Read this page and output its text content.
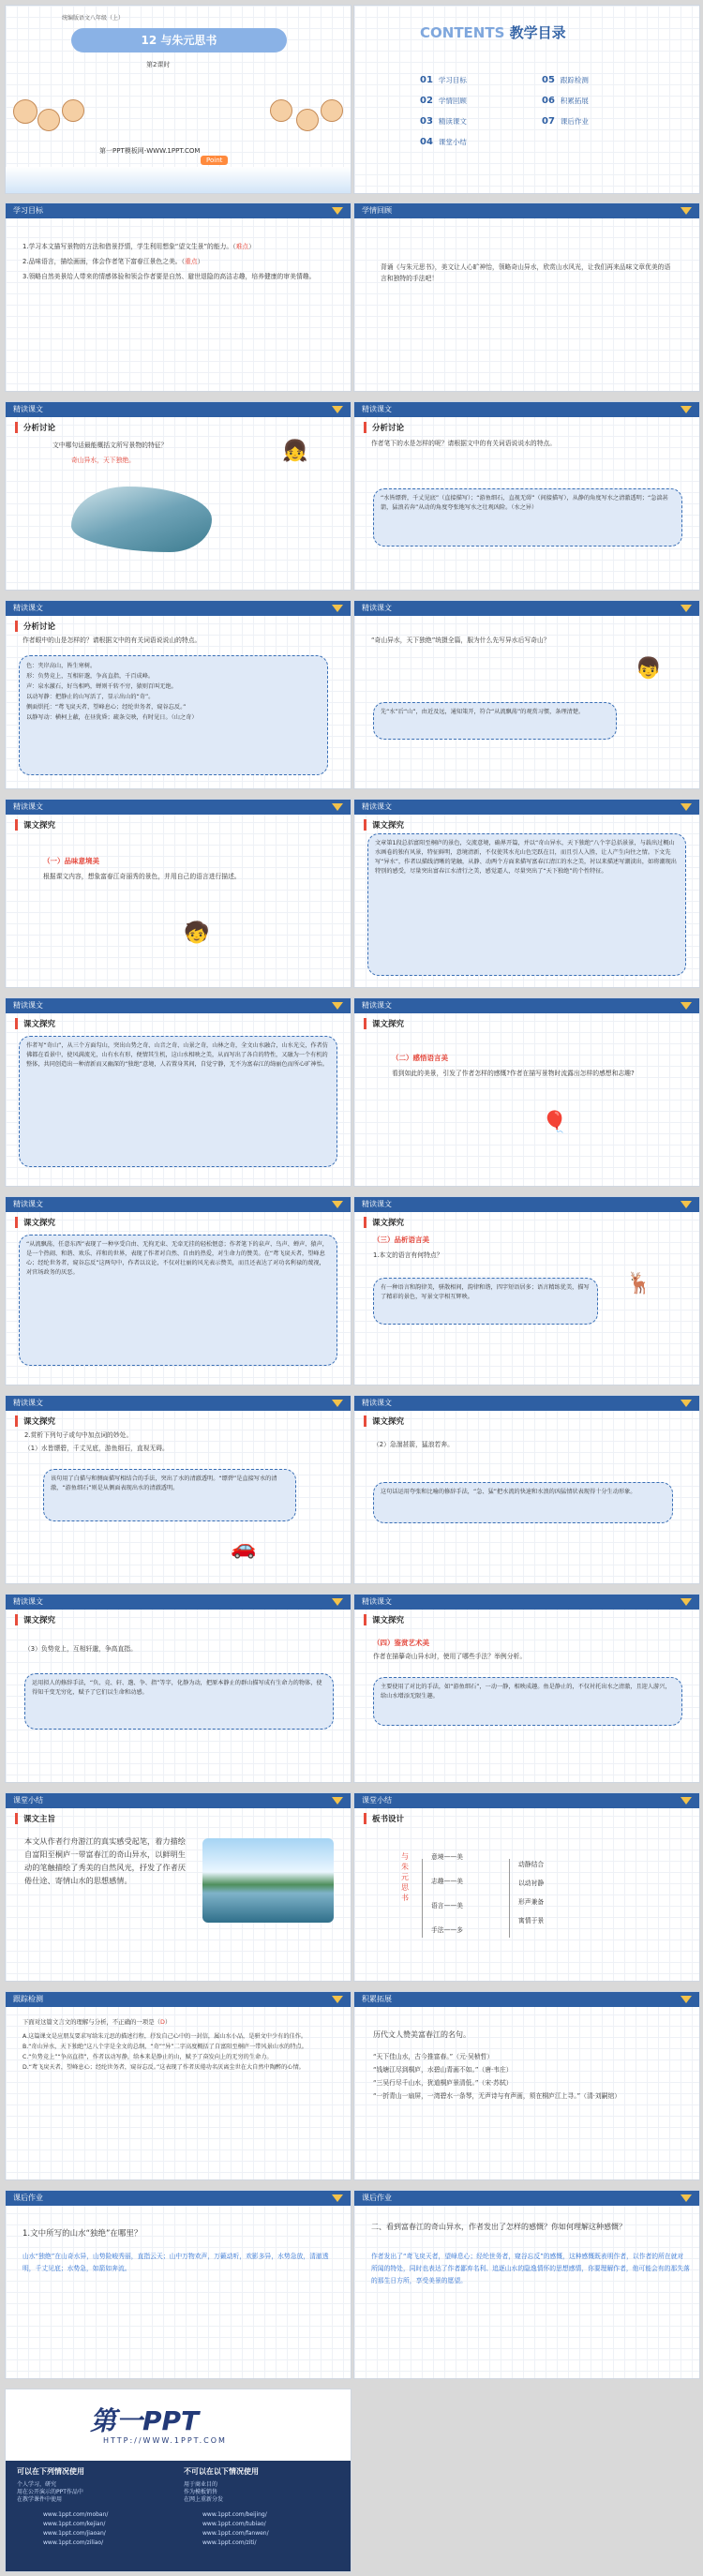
统编版语文八年级（上）
12 与朱元思书
第2课时
第一PPT模板网-WWW.1PPT.COM
Point
CONTENTS 教学目录
01 学习目标
02 学情回顾
03 精读课文
04 课堂小结
05 跟踪检测
06 积累拓展
07 课后作业
学习目标

1.学习本文描写景物的方法和借景抒情，学生利用想象“望文生景”的能力。（难点）

2.品味语言，描绘画面，体会作者笔下富春江景色之美。（重点）

3.领略自然美景给人带来的情感体验和领会作者要是自然、避世退隐的高洁志趣，培养健康的审美情趣。

学情回顾
背诵《与朱元思书》，美文让人心旷神怡，领略奇山异水，欣赏山水风光，让我们再来品味文章优美的语言和独特的手法吧！
精读课文
分析讨论
文中哪句话最能概括文所写景物的特征？
奇山异水，天下独绝。	👧
精读课文
分析讨论
作者笔下的水是怎样的呢？请根据文中的有关词语说说水的特点。
“水皆缥碧，千丈见底”（直接描写）；“游鱼细石，直视无碍”（间接描写），从静的角度写水之清澈透明；“急湍甚箭，猛浪若奔”从动的角度夸张地写水之壮观凶险。（水之异）
精读课文
分析讨论
作者眼中的山是怎样的？请根据文中的有关词语说说山的特点。

色：夹岸高山，皆生寒树。

形：负势竞上，互相轩邈，争高直指，千百成峰。

声：泉水激石，好鸟相鸣，蝉则千转不穷，猿则百叫无绝。

以动写静：把静止的山写活了，显示出山的“奇”。

侧面烘托：“鸢飞戾天者，望峰息心；经纶世务者，窥谷忘反。”

以静写动：横柯上蔽，在昼犹昏；疏条交映，有时见日。（山之奇）

精读课文
“奇山异水，天下独绝”统摄全篇，服为什么先写异水后写奇山？
👦
先“水”后“山”，由近及远，通知策开，符合“从流飘荡”的观赏习惯，条理清楚。
精读课文
课文探究
（一）品味意境美
根据课文内容，想象富春江奇丽秀的景色，并用自己的语言进行描述。
🧒
精读课文
课文探究
文章第1段总括富阳至桐庐的景色，交流意境，确界开篇，并以“奇山异水，天下独绝”八个字总括景景，与载出过概山水画卷的独有风景，特征鲜明，意境清新，不仅使其水光山色完跃在目，而且引人入胜，让人产生向往之情。下文先写“异水”，作者以描线清晰的笔触，从静、动两个方面来描写富春江清江的水之美，衬以来描述写潮淡出，如将潮现出特别的感受，尽量突出富春江水清行之美，感觉逼人，尽量突出了“天下独绝”的个性特征。
精读课文
课文探究
作者写“奇山”，从三个方面勾山，突出山势之奇、山音之奇、山景之奇，山林之奇，全文山水融合，山水光交，作者仿佛都在看景中，使风满流光，山有水有形，便情其生机，这山水相映之美，从而写出了各自的特性，又融为一个有机的整体，共同创造出一种清新而又幽深的“独绝”意境，人若置身其间，自觉宁静，无不为富春江的绮丽色而所心旷神怡。
精读课文
课文探究
（二）感悟语言美
看到如此的美景，引发了作者怎样的感慨?作者在描写景物时流露出怎样的感想和志趣?
🎈
精读课文
课文探究
“从流飘荡，任意东西”表现了一种享受自由、无拘无束、无牵无挂的轻松惬意；作者笔下的泉声、鸟声、蝉声、猿声，是一个热闹、和谐、欢乐、祥和的世界，表现了作者对自然、自由的热爱，对生命力的赞美。在“鸢飞戾天者，望峰息心；经纶世务者，窥谷忘反”这两句中，作者以议论，不仅对壮丽的风光表示赞美，而且还表达了对功名利禄的蔑视，对官场政务的厌恶。
精读课文
课文探究
（三）品析语言美
1.本文的语言有何特点？
有一种语言和韵律美，骈散相间，韵律和谐，四字短语居多；语言精练优美，描写了精彩的景色，写景文字相互辉映。
🦌
精读课文
课文探究
2.赏析下列句子或句中加点词的妙处。
（1）水皆缥碧，千丈见底，游鱼细石，直视无碍。
该句用了白描与和侧面描写相结合的手法，突出了水的清澈透明。“缥碧”是直接写水的清澈，“游鱼细石”则是从侧面表现出水的清澈透明。
🚗
精读课文
课文探究
（2）急湍甚箭，猛浪若奔。
这句话运用夸张和比喻的修辞手法，“急、猛”把水流的快速和水浪的凶猛情状表现得十分生动形象。
精读课文
课文探究
（3）负势竞上，互相轩邈，争高直指。
运用拟人的修辞手法，“负、竞、轩、邈、争、指”等字，化静为动，把原本静止的群山描写成有生命力的物体，使得知千变无穷化，赋予了它们以生命和动感。
精读课文
课文探究
（四）鉴赏艺术美
作者在描摹奇山异水时，使用了哪些手法？举例分析。
主要使用了对比的手法，如“游鱼细石”，一动一静，相映成趣。鱼是静止的，不仅衬托出水之清澈，且迎人游兴，给山水增添无限生趣。
课堂小结
课文主旨
本文从作者行舟游江的真实感受起笔，着力描绘自富阳至桐庐一带富春江的奇山异水，以鲜明生动的笔触描绘了秀美的自然风光，抒发了作者厌倦仕途、寄情山水的思想感情。
课堂小结
板书设计
与朱元思书
意境——美
志趣——美
语言——美
手法——多
动静结合
以动衬静
形声兼备
寓情于景
跟踪检测
下面对这篇文言文的理解与分析，不正确的一项是（D）

A.这篇课文是应朋友要求写给朱元思的描述行程，抒发自己心中的一封信，属山水小品，是骈文中少有的佳作。

B.“奇山异水，天下独绝”这八个字是全文的总纲，“奇”“异”二字高度概括了自富阳至桐庐一带风景山水的特点。

C.“负势竞上”“争高直指”，作者以动写静，给本来是静止的山，赋予了奋发向上的无穷的生命力。

D.“鸢飞戾天者，望峰息心；经纶世务者，窥谷忘反。”这表现了作者厌倦功名厌离尘世在大自然中陶醉的心情。

积累拓展
历代文人赞美富春江的名句。

“天下佳山水，古今推富春。”（元·吴桢哲）

“钱塘江尽到桐庐，水碧山青画不如。”（唐·韦庄）

“三吴行尽千山水，犹道桐庐景清低。”（宋·苏轼）

“一折青山一扇屏，一湾碧水一条琴，无声诗与有声画，须在桐庐江上寻。”（清·刘嗣绾）

课后作业
1.文中所写的山水“独绝”在哪里？
山水“独绝”在山奇水异，山势险峻秀丽，直指云天；山中万物欢声，万籁动听，欢影多异，水势急放，清澈透明，千丈见底；水势急，如箭如奔流。
课后作业
二、看到富春江的奇山异水，作者发出了怎样的感慨？你如何理解这种感慨？
作者发出了“鸢飞戾天者，望峰息心；经纶世务者，窥谷忘反”的感慨，这种感慨既表明作者，以作者的所在就对所闻的特处，同时也表达了作者鄙弃名利、追逐山水的隐逸情怀的思想感情，你要理解作者，他可能会有的那失落的那生日方所，享受美景的愿望。
第一PPT
HTTP://WWW.1PPT.COM
可以在下列情况使用	不可以在以下情况使用
个人学习，研究
用在公开演示的PPT作品中
在教学课件中使用
用于商业目的
作为模板销售
在网上重新分发
www.1ppt.com/moban/
www.1ppt.com/kejian/
www.1ppt.com/jiaoan/
www.1ppt.com/ziliao/
www.1ppt.com/beijing/
www.1ppt.com/tubiao/
www.1ppt.com/fanwen/
www.1ppt.com/ziti/
